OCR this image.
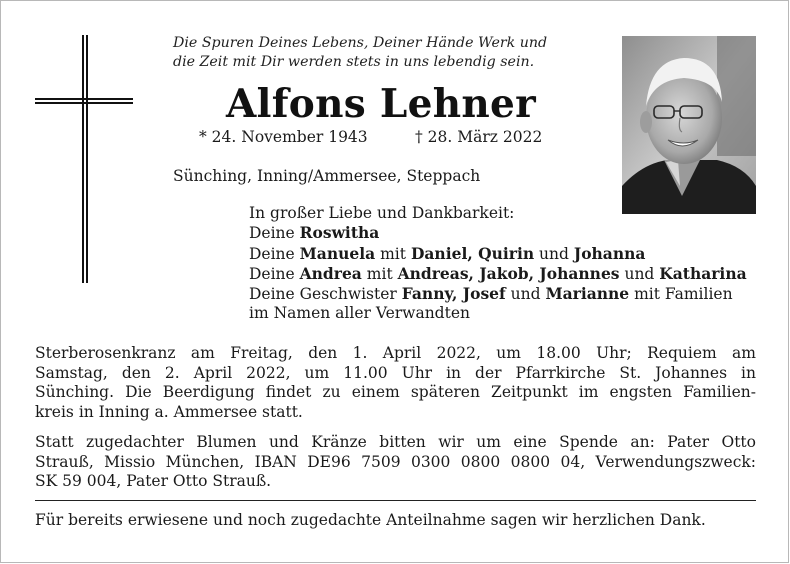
Die Spuren Deines Lebens, Deiner Hände Werk und
die Zeit mit Dir werden stets in uns lebendig sein.
Alfons Lehner
* 24. November 1943	† 28. März 2022
Sünching, Inning/Ammersee, Steppach
In großer Liebe und Dankbarkeit:
Deine Roswitha
Deine Manuela mit Daniel, Quirin und Johanna
Deine Andrea mit Andreas, Jakob, Johannes und Katharina
Deine Geschwister Fanny, Josef und Marianne mit Familien
im Namen aller Verwandten
Sterberosenkranz am Freitag, den 1. April 2022, um 18.00 Uhr; Requiem am
Samstag, den 2. April 2022, um 11.00 Uhr in der Pfarrkirche St. Johannes in
Sünching. Die Beerdigung findet zu einem späteren Zeitpunkt im engsten Familien-
kreis in Inning a. Ammersee statt.
Statt zugedachter Blumen und Kränze bitten wir um eine Spende an: Pater Otto
Strauß, Missio München, IBAN DE96 7509 0300 0800 0800 04, Verwendungszweck:
SK 59 004, Pater Otto Strauß.
Für bereits erwiesene und noch zugedachte Anteilnahme sagen wir herzlichen Dank.
